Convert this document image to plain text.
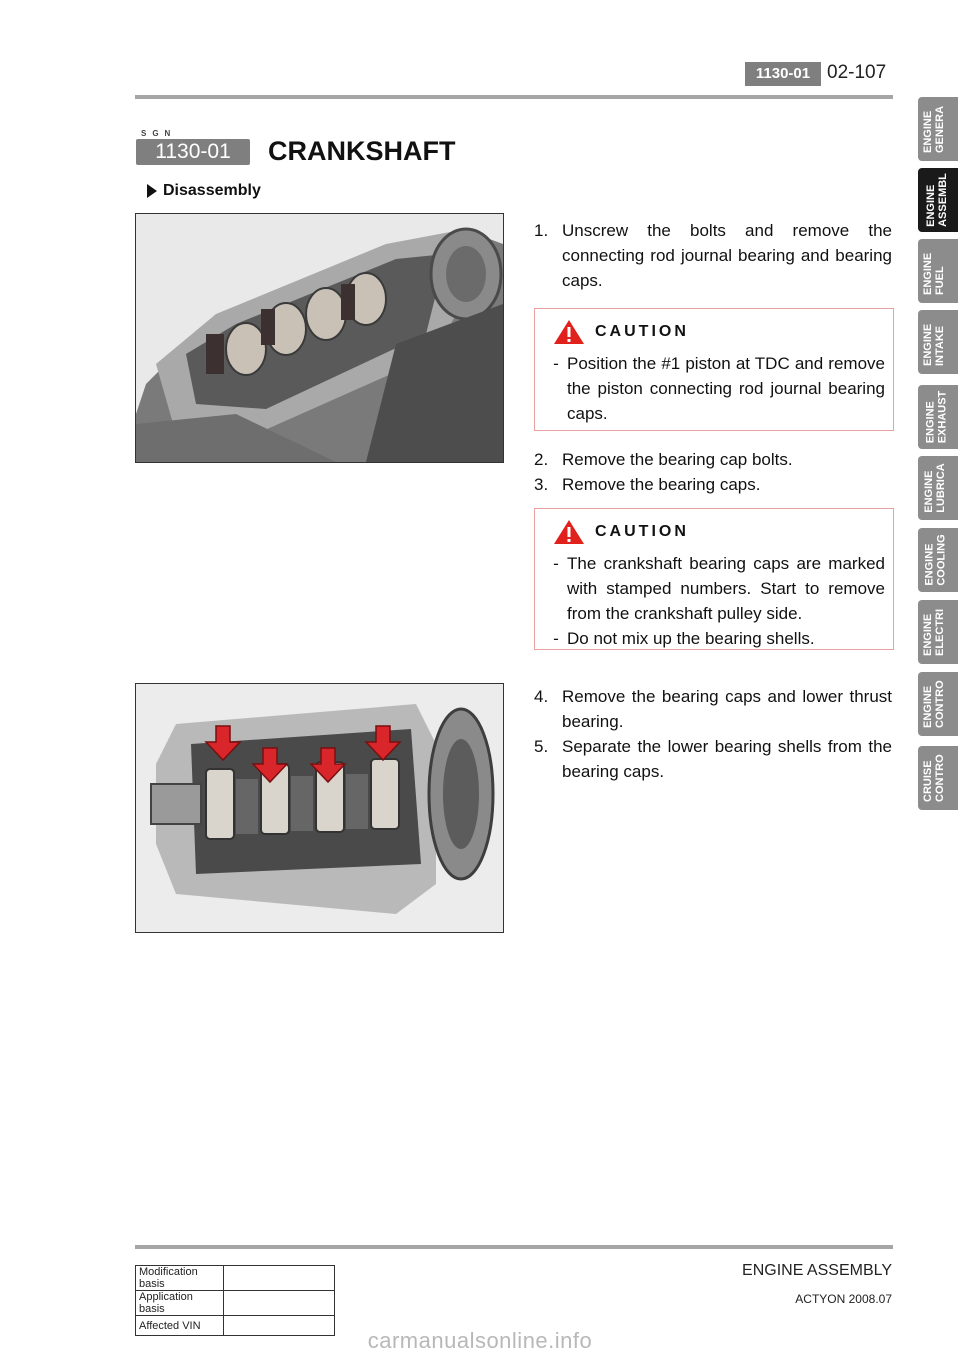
1130-01 02-107
SGN
1130-01	CRANKSHAFT
Disassembly
1. Unscrew the bolts and remove the connecting rod journal bearing and bearing caps.
CAUTION
- Position the #1 piston at TDC and remove the piston connecting rod journal bearing caps.
2. Remove the bearing cap bolts.
3. Remove the bearing caps.
CAUTION
- The crankshaft bearing caps are marked with stamped numbers. Start to remove from the crankshaft pulley side.
- Do not mix up the bearing shells.
4. Remove the bearing caps and lower thrust bearing.
5. Separate the lower bearing shells from the bearing caps.
ENGINE
GENERA
ENGINE
ASSEMBL
ENGINE
FUEL
ENGINE
INTAKE
ENGINE
EXHAUST
ENGINE
LUBRICA
ENGINE
COOLING
ENGINE
ELECTRI
ENGINE
CONTRO
CRUISE
CONTRO
Modification basis	
Application basis	
Affected VIN	
ENGINE ASSEMBLY
ACTYON 2008.07
carmanualsonline.info
